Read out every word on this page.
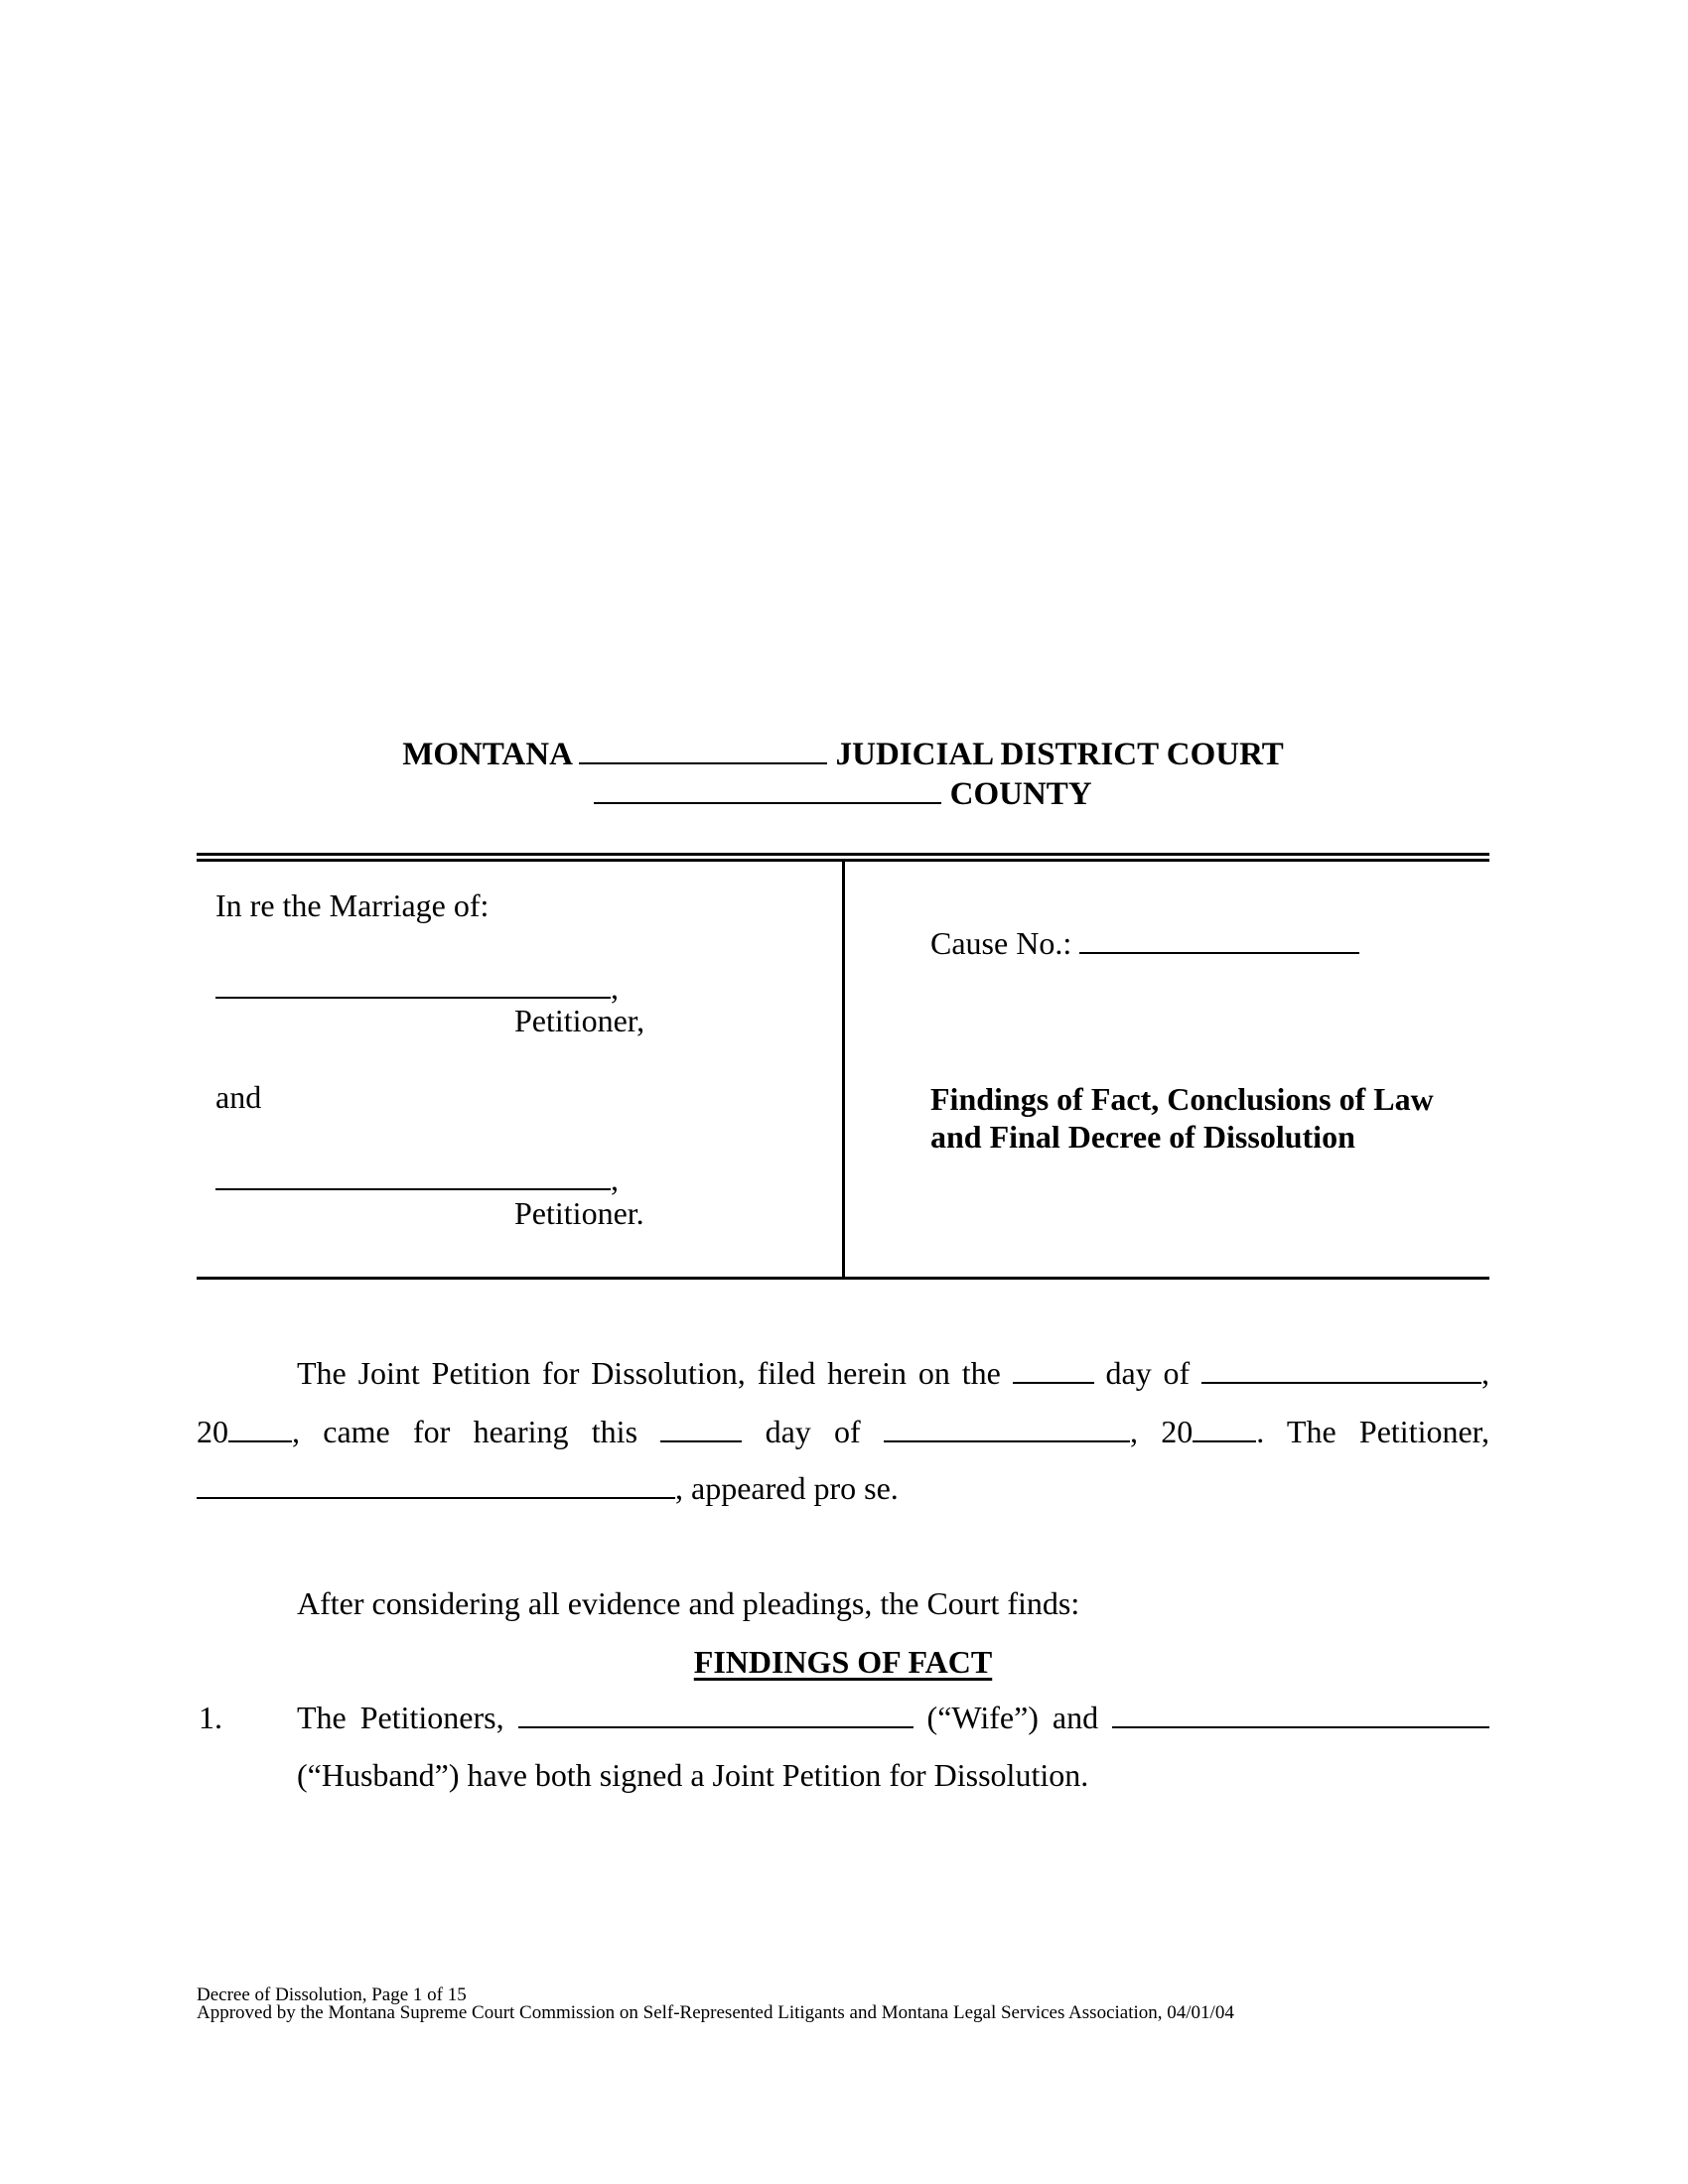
MONTANA	JUDICIAL DISTRICT COURT
COUNTY
In re the Marriage of:
,
Petitioner,
and
,
Petitioner.
Cause No.:
Findings of Fact, Conclusions of Law
and Final Decree of Dissolution
The Joint Petition for Dissolution, filed herein on the	day of	,
20 , came for hearing this	day of	, 20 . The Petitioner,
, appeared pro se.
After considering all evidence and pleadings, the Court finds:
FINDINGS OF FACT
1. The Petitioners,	(“Wife”) and
(“Husband”) have both signed a Joint Petition for Dissolution.
Decree of Dissolution, Page 1 of 15
Approved by the Montana Supreme Court Commission on Self-Represented Litigants and Montana Legal Services Association, 04/01/04
